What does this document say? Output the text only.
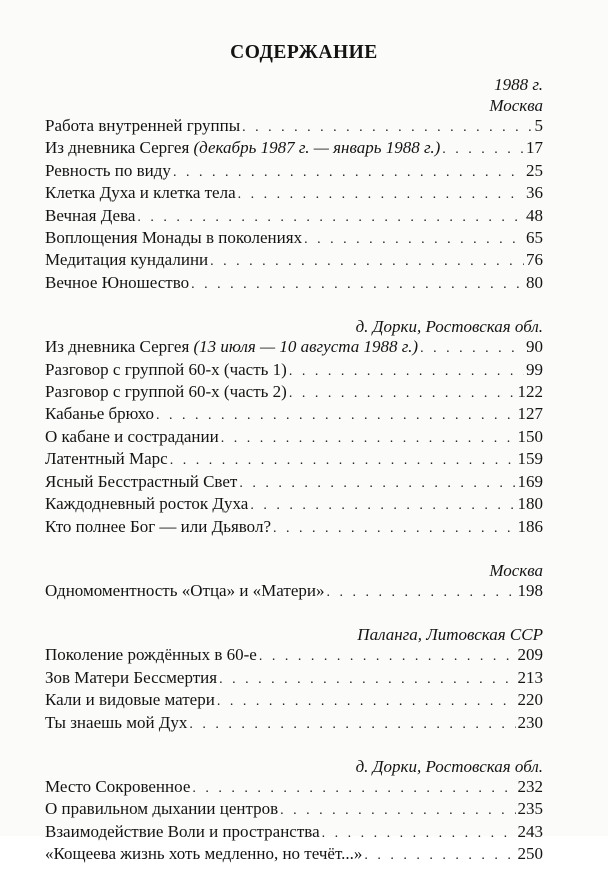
СОДЕРЖАНИЕ
1988 г.
Москва
Работа внутренней группы . . .	5
Из дневника Сергея (декабрь 1987 г. — январь 1988 г.) . . .	17
Ревность по виду . . .	25
Клетка Духа и клетка тела . . .	36
Вечная Дева . . .	48
Воплощения Монады в поколениях . . .	65
Медитация кундалини . . .	76
Вечное Юношество . . .	80
д. Дорки, Ростовская обл.
Из дневника Сергея (13 июля — 10 августа 1988 г.) . . .	90
Разговор с группой 60-х (часть 1) . . .	99
Разговор с группой 60-х (часть 2) . . .	122
Кабанье брюхо . . .	127
О кабане и сострадании . . .	150
Латентный Марс . . .	159
Ясный Бесстрастный Свет . . .	169
Каждодневный росток Духа . . .	180
Кто полнее Бог — или Дьявол? . . .	186
Москва
Одномоментность «Отца» и «Матери» . . .	198
Паланга, Литовская ССР
Поколение рождённых в 60-е . . .	209
Зов Матери Бессмертия . . .	213
Кали и видовые матери . . .	220
Ты знаешь мой Дух . . .	230
д. Дорки, Ростовская обл.
Место Сокровенное . . .	232
О правильном дыхании центров . . .	235
Взаимодействие Воли и пространства . . .	243
«Кощеева жизнь хоть медленно, но течёт...» . . .	250
